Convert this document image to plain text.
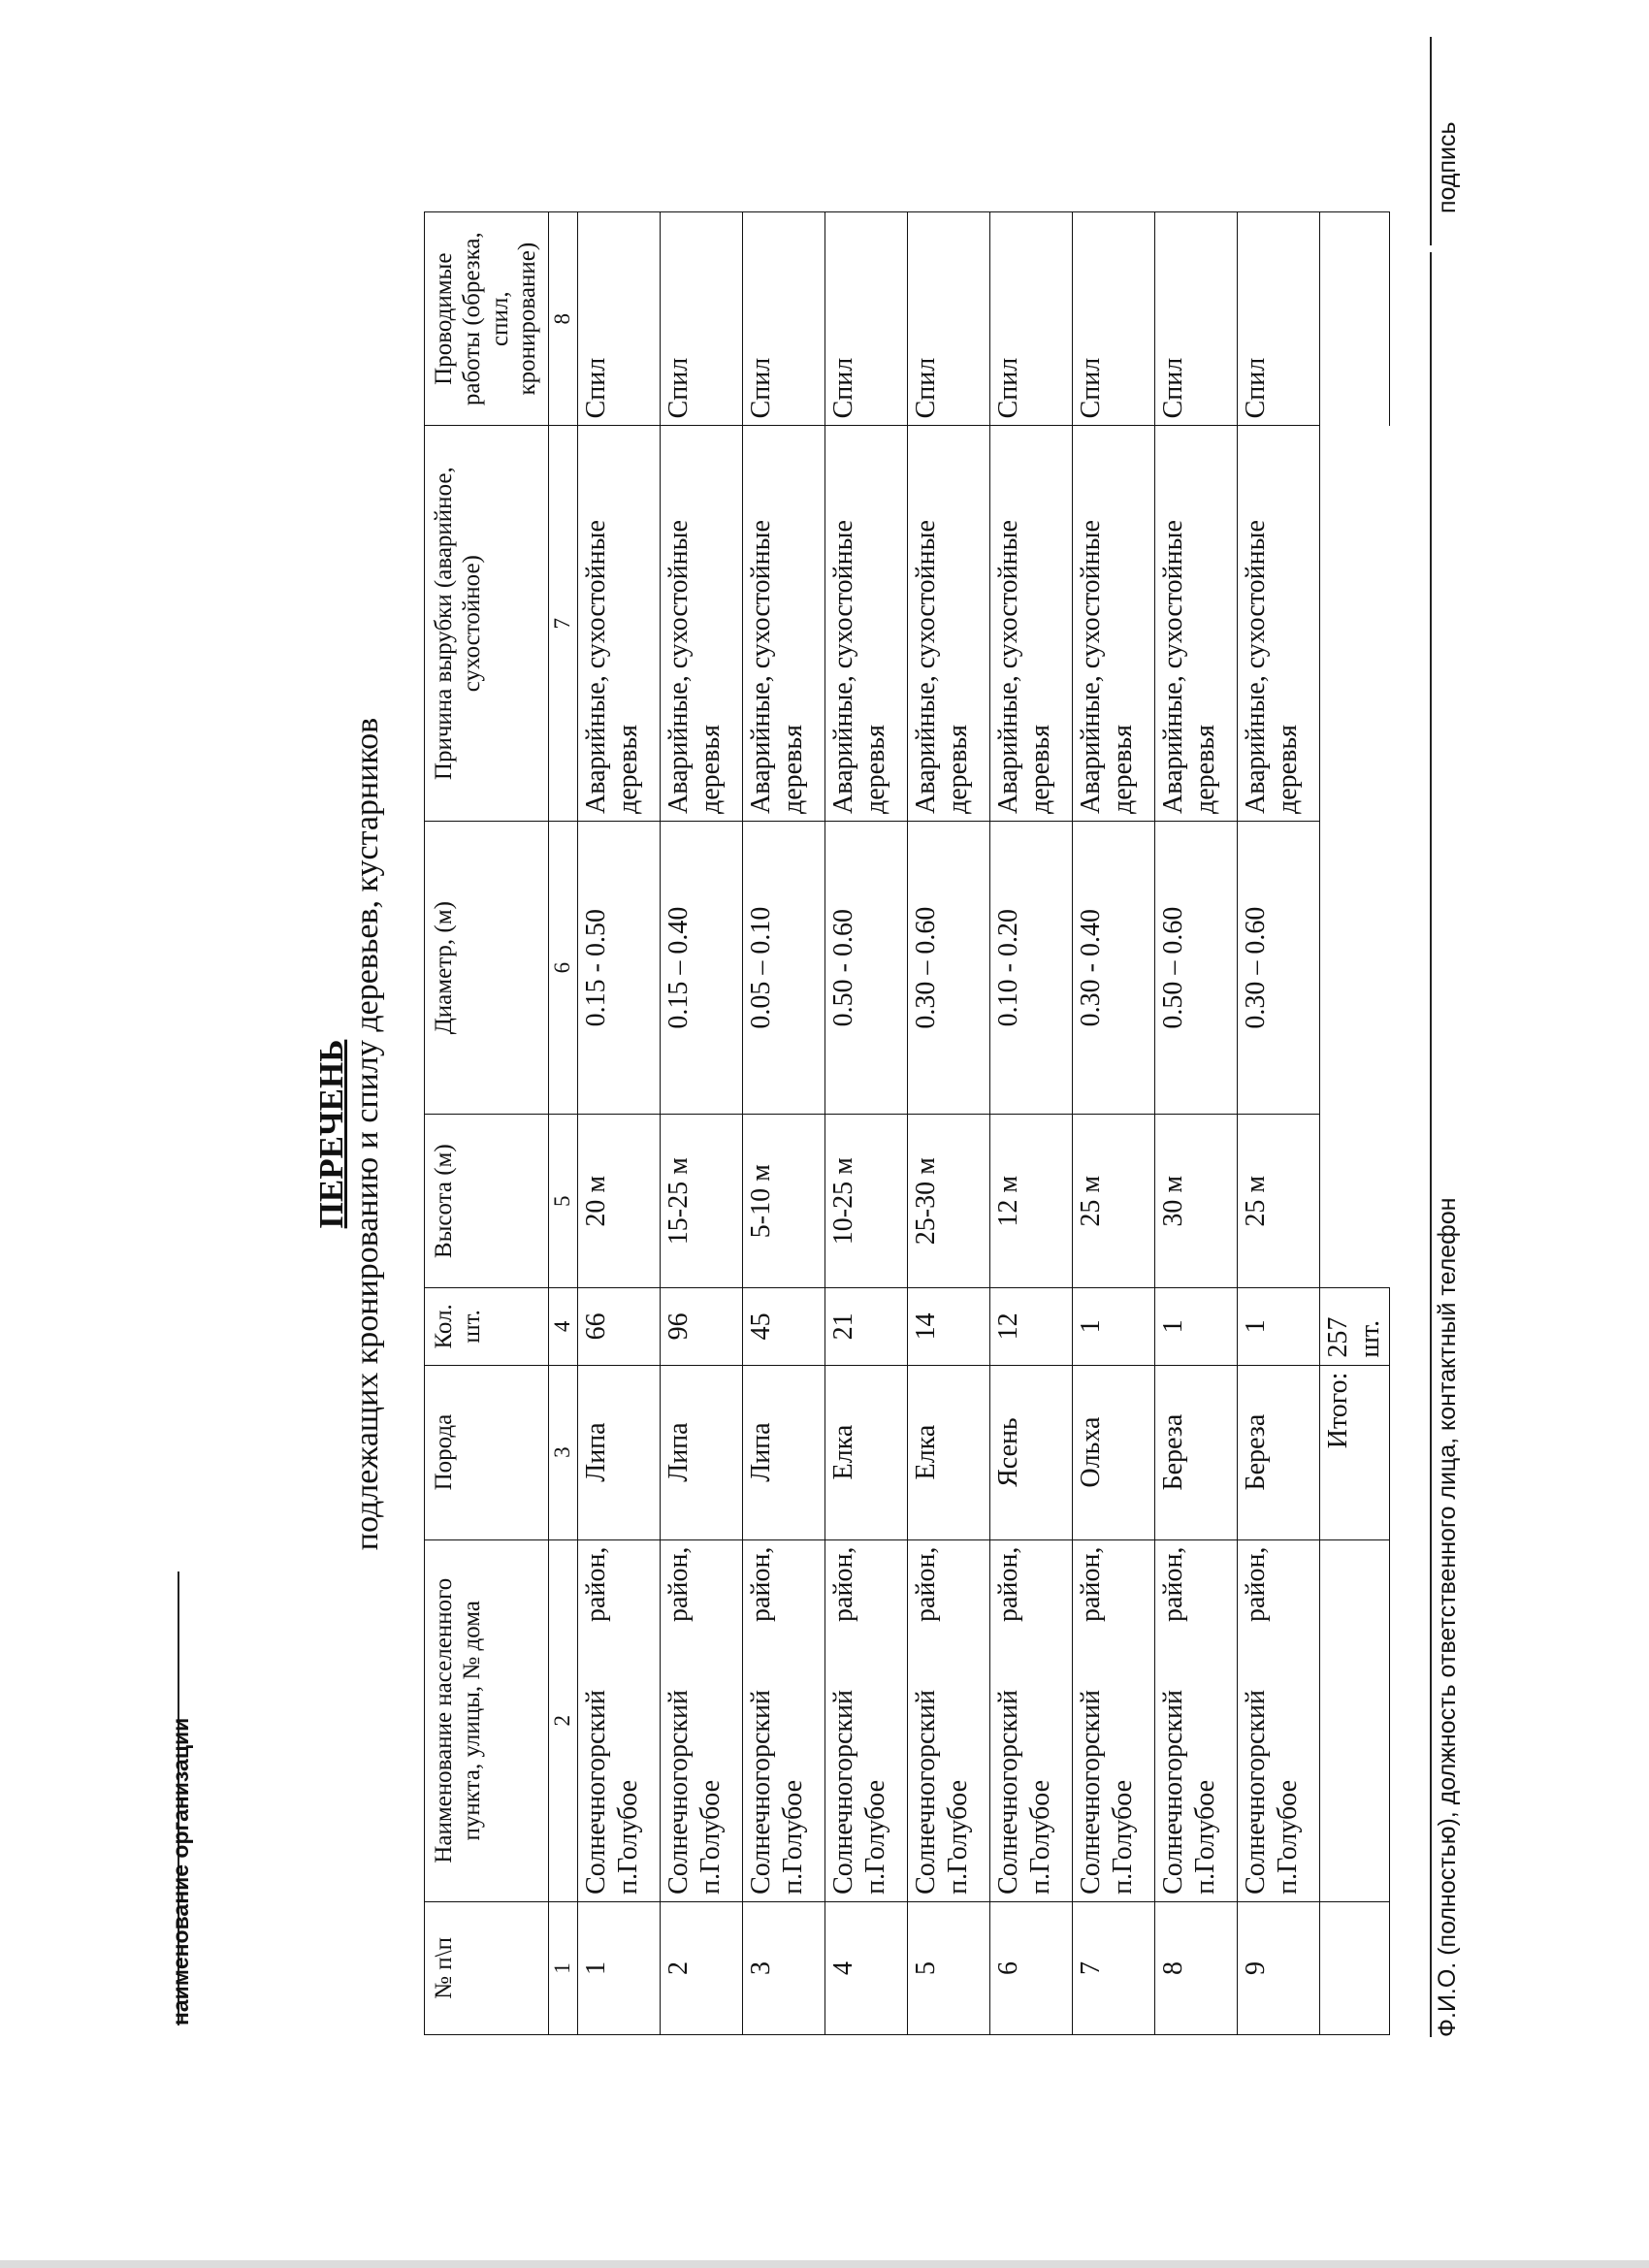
наименование организации
ПЕРЕЧЕНЬ подлежащих кронированию и спилу деревьев, кустарников
№ п\п	Наименование населенного пункта, улицы, № дома	Порода	Кол. шт.	Высота (м)	Диаметр, (м)	Причина вырубки (аварийное, сухостойное)	Проводимые работы (обрезка, спил, кронирование)
1	2	3	4	5	6	7	8
1	Солнечногорский район, п.Голубое	Липа	66	20 м	0.15 - 0.50	Аварийные, сухостойные деревья	Спил
2	Солнечногорский район, п.Голубое	Липа	96	15-25 м	0.15 – 0.40	Аварийные, сухостойные деревья	Спил
3	Солнечногорский район, п.Голубое	Липа	45	5-10 м	0.05 – 0.10	Аварийные, сухостойные деревья	Спил
4	Солнечногорский район, п.Голубое	Елка	21	10-25 м	0.50 - 0.60	Аварийные, сухостойные деревья	Спил
5	Солнечногорский район, п.Голубое	Елка	14	25-30 м	0.30 – 0.60	Аварийные, сухостойные деревья	Спил
6	Солнечногорский район, п.Голубое	Ясень	12	12 м	0.10 - 0.20	Аварийные, сухостойные деревья	Спил
7	Солнечногорский район, п.Голубое	Ольха	1	25 м	0.30 - 0.40	Аварийные, сухостойные деревья	Спил
8	Солнечногорский район, п.Голубое	Береза	1	30 м	0.50 – 0.60	Аварийные, сухостойные деревья	Спил
9	Солнечногорский район, п.Голубое	Береза	1	25 м	0.30 – 0.60	Аварийные, сухостойные деревья	Спил
		Итого:	257 шт.				Ф.И.О. (полностью), должность ответственного лица, контактный телефон
подпись
